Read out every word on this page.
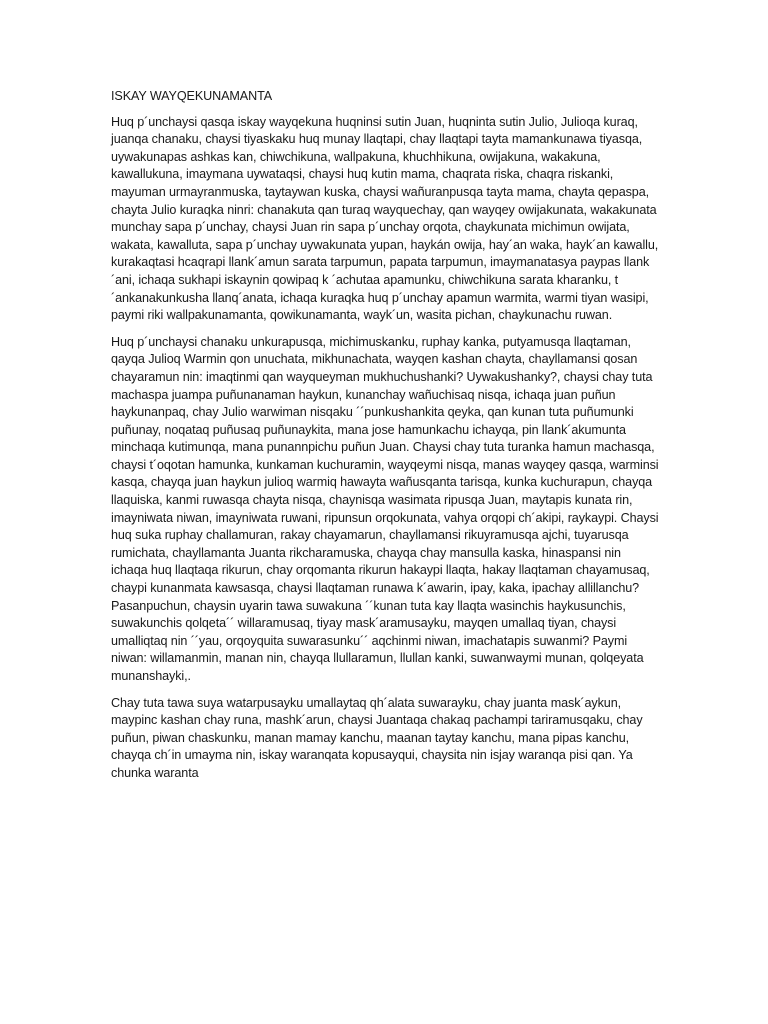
ISKAY WAYQEKUNAMANTA

Huq p´unchaysi qasqa iskay wayqekuna huqninsi sutin Juan, huqninta sutin Julio, Julioqa kuraq, juanqa chanaku, chaysi tiyaskaku huq munay llaqtapi, chay llaqtapi tayta mamankunawa tiyasqa, uywakunapas ashkas kan, chiwchikuna, wallpakuna, khuchhikuna, owijakuna, wakakuna, kawallukuna, imaymana uywataqsi, chaysi huq kutin mama, chaqrata riska, chaqra riskanki, mayuman urmayranmuska, taytaywan kuska, chaysi wañuranpusqa tayta mama, chayta qepaspa, chayta Julio kuraqka ninri: chanakuta qan turaq wayquechay, qan wayqey owijakunata, wakakunata munchay sapa p´unchay, chaysi Juan rin sapa p´unchay orqota, chaykunata michimun owijata, wakata, kawalluta, sapa p´unchay uywakunata yupan, haykán owija, hay´an waka, hayk´an kawallu, kurakaqtasi hcaqrapi llank´amun sarata tarpumun, papata tarpumun, imaymanatasya paypas llank´ani, ichaqa sukhapi iskaynin qowipaq k ´achutaa apamunku, chiwchikuna sarata kharanku, t´ankanakunkusha llanq´anata, ichaqa kuraqka huq p´unchay apamun warmita, warmi tiyan wasipi, paymi riki wallpakunamanta, qowikunamanta, wayk´un, wasita pichan, chaykunachu ruwan.

Huq p´unchaysi chanaku unkurapusqa, michimuskanku, ruphay kanka, putyamusqa llaqtaman, qayqa Julioq Warmin qon unuchata, mikhunachata, wayqen kashan chayta, chayllamansi qosan chayaramun nin: imaqtinmi qan wayqueyman mukhuchushanki? Uywakushanky?, chaysi chay tuta machaspa juampa puñunanaman haykun, kunanchay wañuchisaq nisqa, ichaqa juan puñun haykunanpaq, chay Julio warwiman nisqaku ´´punkushankita qeyka, qan kunan tuta puñumunki puñunay, noqataq puñusaq puñunaykita, mana jose hamunkachu ichayqa, pin llank´akumunta minchaqa kutimunqa, mana punannpichu puñun Juan. Chaysi chay tuta turanka hamun machasqa, chaysi t´oqotan hamunka, kunkaman kuchuramin, wayqeymi nisqa, manas wayqey qasqa, warminsi kasqa, chayqa juan haykun julioq warmiq hawayta wañusqanta tarisqa, kunka kuchurapun, chayqa llaquiska, kanmi ruwasqa chayta nisqa, chaynisqa wasimata ripusqa Juan, maytapis kunata rin, imayniwata niwan, imayniwata ruwani, ripunsun orqokunata, vahya orqopi ch´akipi, raykaypi. Chaysi huq suka ruphay challamuran, rakay chayamarun, chayllamansi rikuyramusqa ajchi, tuyarusqa rumichata, chayllamanta Juanta rikcharamuska, chayqa chay mansulla kaska, hinaspansi nin ichaqa huq llaqtaqa rikurun, chay orqomanta rikurun hakaypi llaqta, hakay llaqtaman chayamusaq, chaypi kunanmata kawsasqa, chaysi llaqtaman runawa k´awarin, ipay, kaka, ipachay allillanchu? Pasanpuchun, chaysin uyarin tawa suwakuna ´´kunan tuta kay llaqta wasinchis haykusunchis, suwakunchis qolqeta´´ willaramusaq, tiyay mask´aramusayku, mayqen umallaq tiyan, chaysi umalliqtaq nin ´´yau, orqoyquita suwarasunku´´ aqchinmi niwan, imachatapis suwanmi? Paymi niwan: willamanmin, manan nin, chayqa llullaramun, llullan kanki, suwanwaymi munan, qolqeyata munanshayki,.

Chay tuta tawa suya watarpusayku umallaytaq qh´alata suwarayku, chay juanta mask´aykun, maypinc kashan chay runa, mashk´arun, chaysi Juantaqa chakaq pachampi tariramusqaku, chay puñun, piwan chaskunku, manan mamay kanchu, maanan taytay kanchu, mana pipas kanchu, chayqa ch´in umayma nin, iskay waranqata kopusayqui, chaysita nin isjay waranqa pisi qan. Ya chunka waranta
